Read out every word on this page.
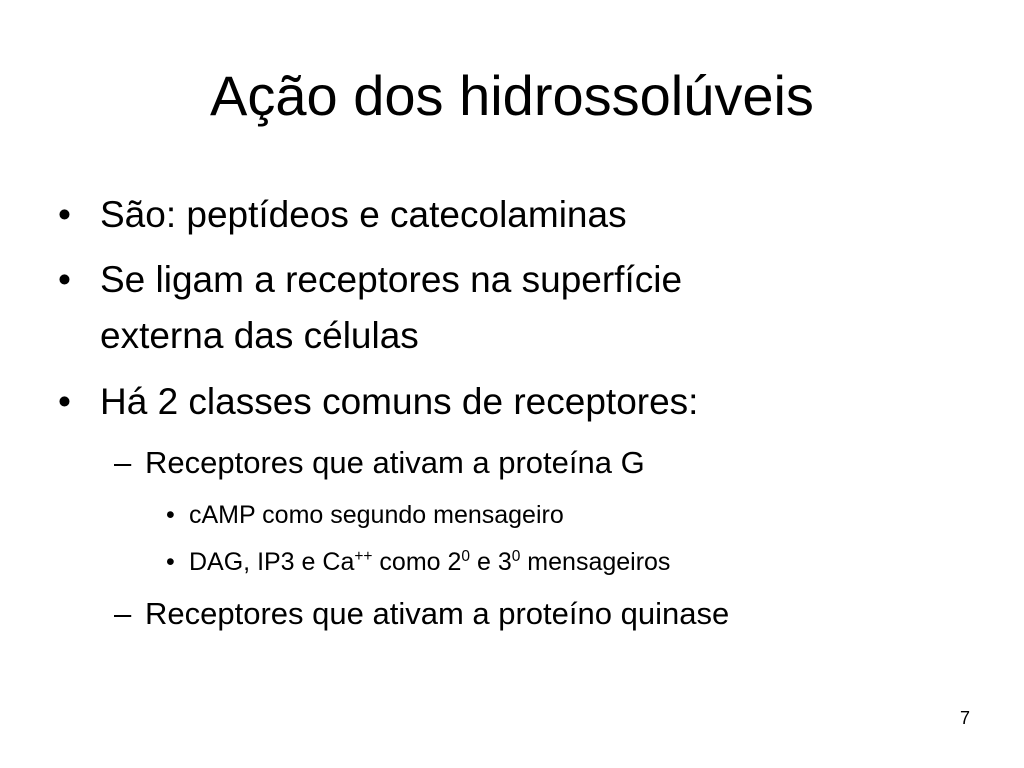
Ação dos hidrossolúveis
• São: peptídeos e catecolaminas
• Se ligam a receptores na superfície
externa das células
• Há 2 classes comuns de receptores:
– Receptores que ativam a proteína G
• cAMP como segundo mensageiro
• DAG, IP3 e Ca++ como $2^0$ e $3^0$ mensageiros
– Receptores que ativam a proteíno quinase
7
